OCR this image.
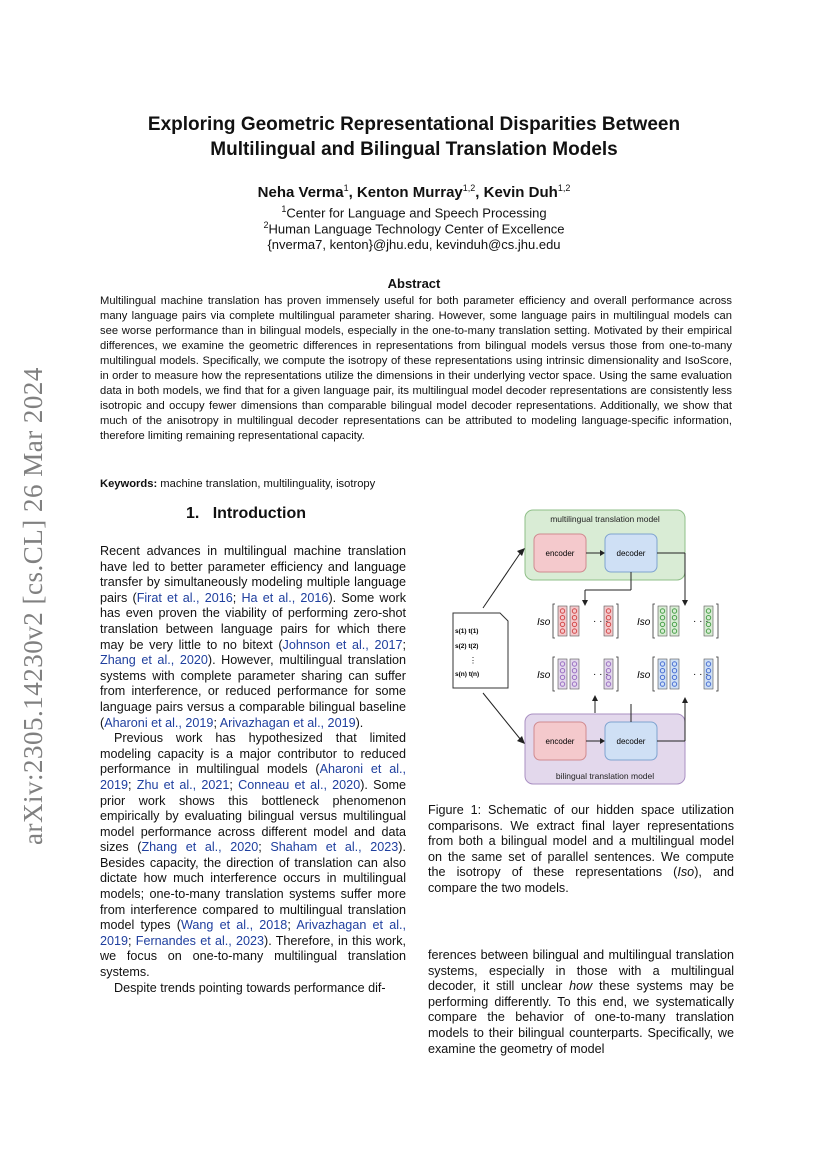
arXiv:2305.14230v2 [cs.CL] 26 Mar 2024
Exploring Geometric Representational Disparities Between
Multilingual and Bilingual Translation Models
Neha Verma$^1$, Kenton Murray$^{1,2}$, Kevin Duh$^{1,2}$
$^1$Center for Language and Speech Processing
$^2$Human Language Technology Center of Excellence
{nverma7, kenton}@jhu.edu, kevinduh@cs.jhu.edu
Abstract
Multilingual machine translation has proven immensely useful for both parameter efficiency and overall performance across many language pairs via complete multilingual parameter sharing. However, some language pairs in multilingual models can see worse performance than in bilingual models, especially in the one-to-many translation setting. Motivated by their empirical differences, we examine the geometric differences in representations from bilingual models versus those from one-to-many multilingual models. Specifically, we compute the isotropy of these representations using intrinsic dimensionality and IsoScore, in order to measure how the representations utilize the dimensions in their underlying vector space. Using the same evaluation data in both models, we find that for a given language pair, its multilingual model decoder representations are consistently less isotropic and occupy fewer dimensions than comparable bilingual model decoder representations. Additionally, we show that much of the anisotropy in multilingual decoder representations can be attributed to modeling language-specific information, therefore limiting remaining representational capacity.
Keywords: machine translation, multilinguality, isotropy
1. Introduction

Recent advances in multilingual machine translation have led to better parameter efficiency and language transfer by simultaneously modeling multiple language pairs (Firat et al., 2016; Ha et al., 2016). Some work has even proven the viability of performing zero-shot translation between language pairs for which there may be very little to no bitext (Johnson et al., 2017; Zhang et al., 2020). However, multilingual translation systems with complete parameter sharing can suffer from interference, or reduced performance for some language pairs versus a comparable bilingual baseline (Aharoni et al., 2019; Arivazhagan et al., 2019).

Previous work has hypothesized that limited modeling capacity is a major contributor to reduced performance in multilingual models (Aharoni et al., 2019; Zhu et al., 2021; Conneau et al., 2020). Some prior work shows this bottleneck phenomenon empirically by evaluating bilingual versus multilingual model performance across different model and data sizes (Zhang et al., 2020; Shaham et al., 2023). Besides capacity, the direction of translation can also dictate how much interference occurs in multilingual models; one-to-many translation systems suffer more from interference compared to multilingual translation model types (Wang et al., 2018; Arivazhagan et al., 2019; Fernandes et al., 2023). Therefore, in this work, we focus on one-to-many multilingual translation systems.

Despite trends pointing towards performance dif-

multilingual translation model
encoder	decoder
encoder	decoder
bilingual translation model
s(1) t(1)
s(2) t(2)
⋮
s(n) t(n)
Iso	Iso
Iso	Iso
· · ·	· · ·
· · ·	· · ·
Figure 1: Schematic of our hidden space utilization comparisons. We extract final layer representations from both a bilingual model and a multilingual model on the same set of parallel sentences. We compute the isotropy of these representations (Iso), and compare the two models.
ferences between bilingual and multilingual translation systems, especially in those with a multilingual decoder, it still unclear how these systems may be performing differently. To this end, we systematically compare the behavior of one-to-many translation models to their bilingual counterparts. Specifically, we examine the geometry of model
